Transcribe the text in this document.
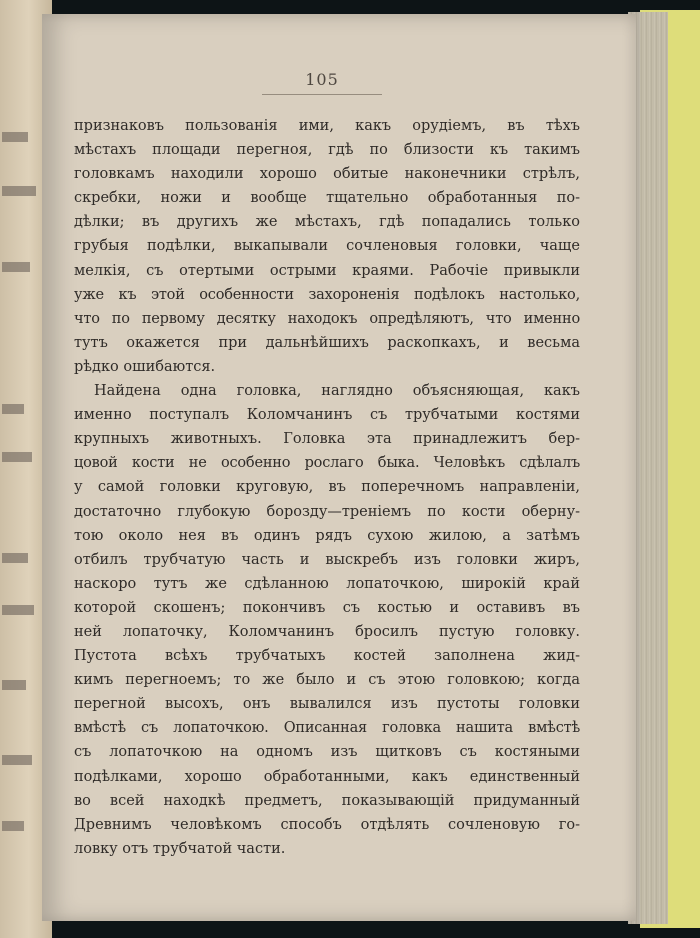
105
признаковъ пользованія ими, какъ орудіемъ, въ тѣхъ
мѣстахъ площади перегноя, гдѣ по близости къ такимъ
головкамъ находили хорошо обитые наконечники стрѣлъ,
скребки, ножи и вообще тщательно обработанныя по-
дѣлки; въ другихъ же мѣстахъ, гдѣ попадались только
грубыя подѣлки, выкапывали сочленовыя головки, чаще
мелкія, съ отертыми острыми краями. Рабочіе привыкли
уже къ этой особенности захороненія подѣлокъ настолько,
что по первому десятку находокъ опредѣляютъ, что именно
тутъ окажется при дальнѣйшихъ раскопкахъ, и весьма
рѣдко ошибаются.
Найдена одна головка, наглядно объясняющая, какъ
именно поступалъ Коломчанинъ съ трубчатыми костями
крупныхъ животныхъ. Головка эта принадлежитъ бер-
цовой кости не особенно рослаго быка. Человѣкъ сдѣлалъ
у самой головки круговую, въ поперечномъ направленіи,
достаточно глубокую борозду—треніемъ по кости оберну-
тою около нея въ одинъ рядъ сухою жилою, а затѣмъ
отбилъ трубчатую часть и выскребъ изъ головки жиръ,
наскоро тутъ же сдѣланною лопаточкою, широкій край
которой скошенъ; покончивъ съ костью и оставивъ въ
ней лопаточку, Коломчанинъ бросилъ пустую головку.
Пустота всѣхъ трубчатыхъ костей заполнена жид-
кимъ перегноемъ; то же было и съ этою головкою; когда
перегной высохъ, онъ вывалился изъ пустоты головки
вмѣстѣ съ лопаточкою. Описанная головка нашита вмѣстѣ
съ лопаточкою на одномъ изъ щитковъ съ костяными
подѣлками, хорошо обработанными, какъ единственный
во всей находкѣ предметъ, показывающій придуманный
Древнимъ человѣкомъ способъ отдѣлять сочленовую го-
ловку отъ трубчатой части.
